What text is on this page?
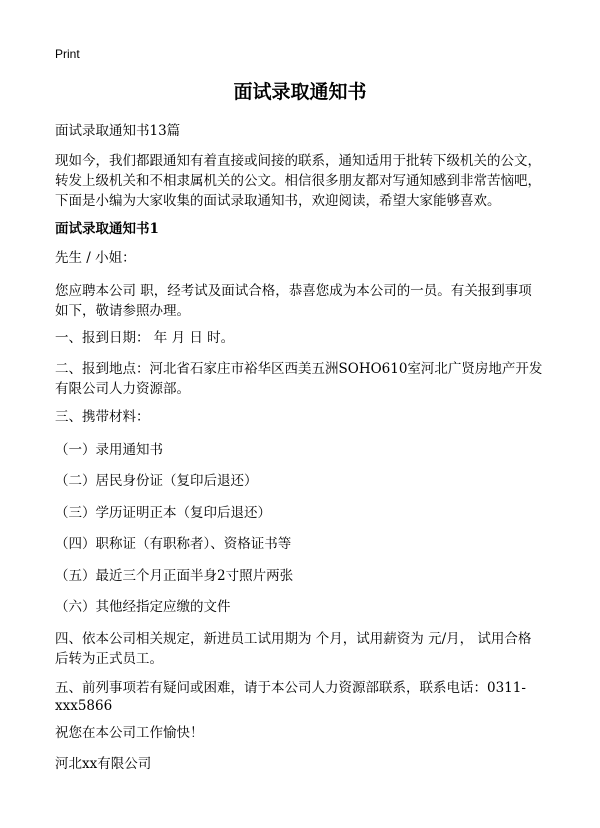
Print
面试录取通知书
面试录取通知书13篇
现如今，我们都跟通知有着直接或间接的联系，通知适用于批转下级机关的公文，
转发上级机关和不相隶属机关的公文。相信很多朋友都对写通知感到非常苦恼吧，
下面是小编为大家收集的面试录取通知书，欢迎阅读，希望大家能够喜欢。
面试录取通知书1
先生 / 小姐：
您应聘本公司 职，经考试及面试合格，恭喜您成为本公司的一员。有关报到事项
如下，敬请参照办理。
一、报到日期： 年 月 日 时。
二、报到地点：河北省石家庄市裕华区西美五洲SOHO610室河北广贤房地产开发
有限公司人力资源部。
三、携带材料：
（一）录用通知书
（二）居民身份证（复印后退还）
（三）学历证明正本（复印后退还）
（四）职称证（有职称者）、资格证书等
（五）最近三个月正面半身2寸照片两张
（六）其他经指定应缴的文件
四、依本公司相关规定，新进员工试用期为 个月，试用薪资为 元/月， 试用合格
后转为正式员工。
五、前列事项若有疑问或困难，请于本公司人力资源部联系，联系电话：0311-
xxx5866
祝您在本公司工作愉快！
河北xx有限公司
